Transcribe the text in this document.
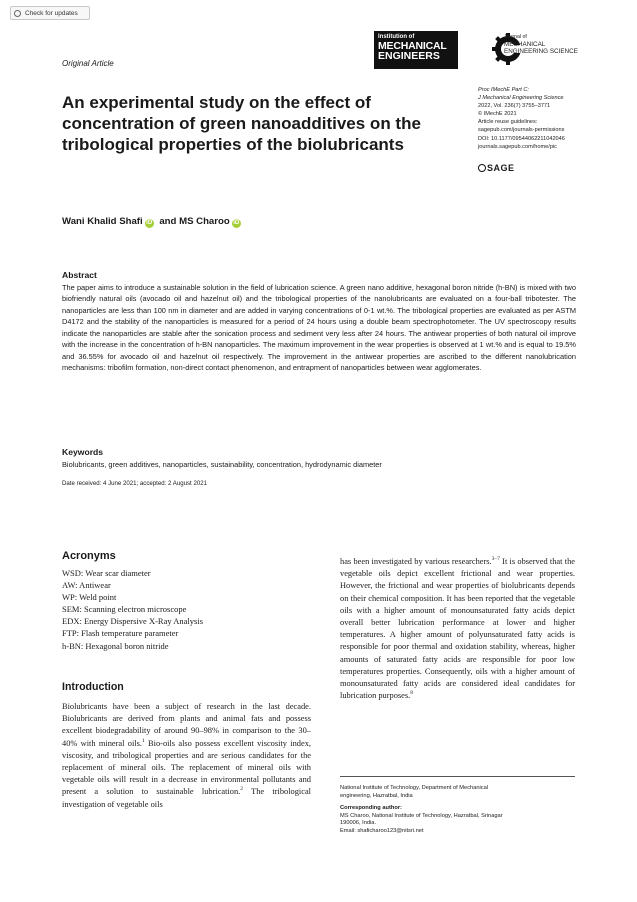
Check for updates
Original Article
Institution of
MECHANICAL
ENGINEERS
Journal of
MECHANICAL
ENGINEERING SCIENCE
Proc IMechE Part C:
J Mechanical Engineering Science
2022, Vol. 236(7) 3755–3771
© IMechE 2021
Article reuse guidelines:
sagepub.com/journals-permissions
DOI: 10.1177/09544062211042046
journals.sagepub.com/home/pic
SAGE
An experimental study on the effect of concentration of green nanoadditives on the tribological properties of the biolubricants
Wani Khalid Shafi iD and MS Charoo iD
Abstract
The paper aims to introduce a sustainable solution in the field of lubrication science. A green nano additive, hexagonal boron nitride (h-BN) is mixed with two biofriendly natural oils (avocado oil and hazelnut oil) and the tribological properties of the nanolubricants are evaluated on a four-ball tribotester. The nanoparticles are less than 100 nm in diameter and are added in varying concentrations of 0-1 wt.%. The tribological properties are evaluated as per ASTM D4172 and the stability of the nanoparticles is measured for a period of 24 hours using a double beam spectrophotometer. The UV spectroscopy results indicate the nanoparticles are stable after the sonication process and sediment very less after 24 hours. The antiwear properties of both natural oil improve with the increase in the concentration of h-BN nanoparticles. The maximum improvement in the wear properties is observed at 1 wt.% and is equal to 19.5% and 36.55% for avocado oil and hazelnut oil respectively. The improvement in the antiwear properties are ascribed to the different nanolubrication mechanisms: tribofilm formation, non-direct contact phenomenon, and entrapment of nanoparticles between wear agglomerates.
Keywords
Biolubricants, green additives, nanoparticles, sustainability, concentration, hydrodynamic diameter
Date received: 4 June 2021; accepted: 2 August 2021
Acronyms
WSD: Wear scar diameter
AW: Antiwear
WP: Weld point
SEM: Scanning electron microscope
EDX: Energy Dispersive X-Ray Analysis
FTP: Flash temperature parameter
h-BN: Hexagonal boron nitride
Introduction
Biolubricants have been a subject of research in the last decade. Biolubricants are derived from plants and animal fats and possess excellent biodegradability of around 90–98% in comparison to the 30–40% with mineral oils.$^1$ Bio-oils also possess excellent viscosity index, viscosity, and tribological properties and are serious candidates for the replacement of mineral oils. The replacement of mineral oils with vegetable oils will result in a decrease in environmental pollutants and present a solution to sustainable lubrication.$^2$ The tribological investigation of vegetable oils
has been investigated by various researchers.$^{3-7}$ It is observed that the vegetable oils depict excellent frictional and wear properties. However, the frictional and wear properties of biolubricants depends on their chemical composition. It has been reported that the vegetable oils with a higher amount of monounsaturated fatty acids depict overall better lubrication performance at lower and higher temperatures. A higher amount of polyunsaturated fatty acids is responsible for poor thermal and oxidation stability, whereas, higher amounts of saturated fatty acids are responsible for poor low temperatures properties. Consequently, oils with a higher amount of monounsaturated fatty acids are considered ideal candidates for lubrication purposes.$^8$
National Institute of Technology, Department of Mechanical
engineering, Hazratbal, India
Corresponding author:
MS Charoo, National Institute of Technology, Hazratbal, Srinagar
190006, India.
Email: shaficharoo123@nitsri.net
